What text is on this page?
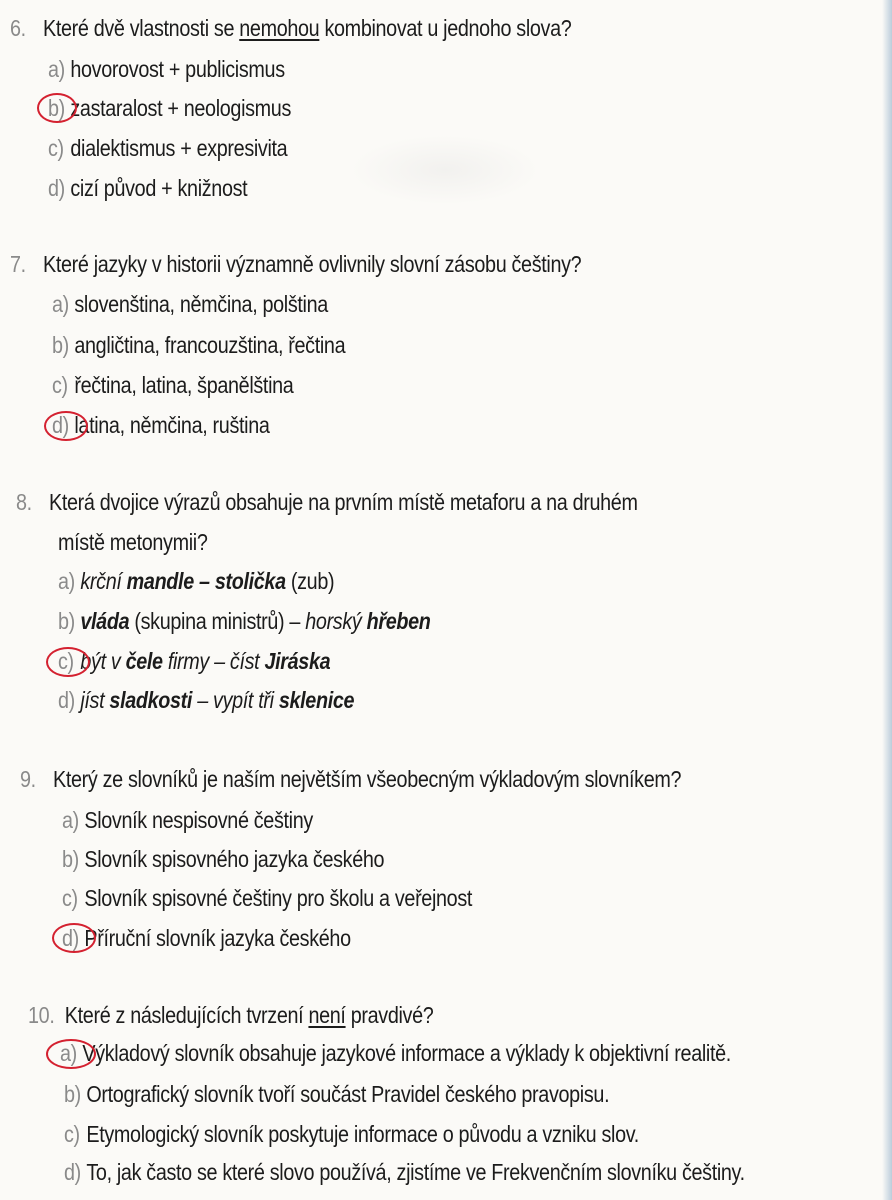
6. Které dvě vlastnosti se nemohou kombinovat u jednoho slova?
a) hovorovost + publicismus
b) zastaralost + neologismus
c) dialektismus + expresivita
d) cizí původ + knižnost
7. Které jazyky v historii významně ovlivnily slovní zásobu češtiny?
a) slovenština, němčina, polština
b) angličtina, francouzština, řečtina
c) řečtina, latina, španělština
d) latina, němčina, ruština
8. Která dvojice výrazů obsahuje na prvním místě metaforu a na druhém
místě metonymii?
a) krční mandle – stolička (zub)
b) vláda (skupina ministrů) – horský hřeben
c) být v čele firmy – číst Jiráska
d) jíst sladkosti – vypít tři sklenice
9. Který ze slovníků je naším největším všeobecným výkladovým slovníkem?
a) Slovník nespisovné češtiny
b) Slovník spisovného jazyka českého
c) Slovník spisovné češtiny pro školu a veřejnost
d) Příruční slovník jazyka českého
10. Které z následujících tvrzení není pravdivé?
a) Výkladový slovník obsahuje jazykové informace a výklady k objektivní realitě.
b) Ortografický slovník tvoří součást Pravidel českého pravopisu.
c) Etymologický slovník poskytuje informace o původu a vzniku slov.
d) To, jak často se které slovo používá, zjistíme ve Frekvenčním slovníku češtiny.
